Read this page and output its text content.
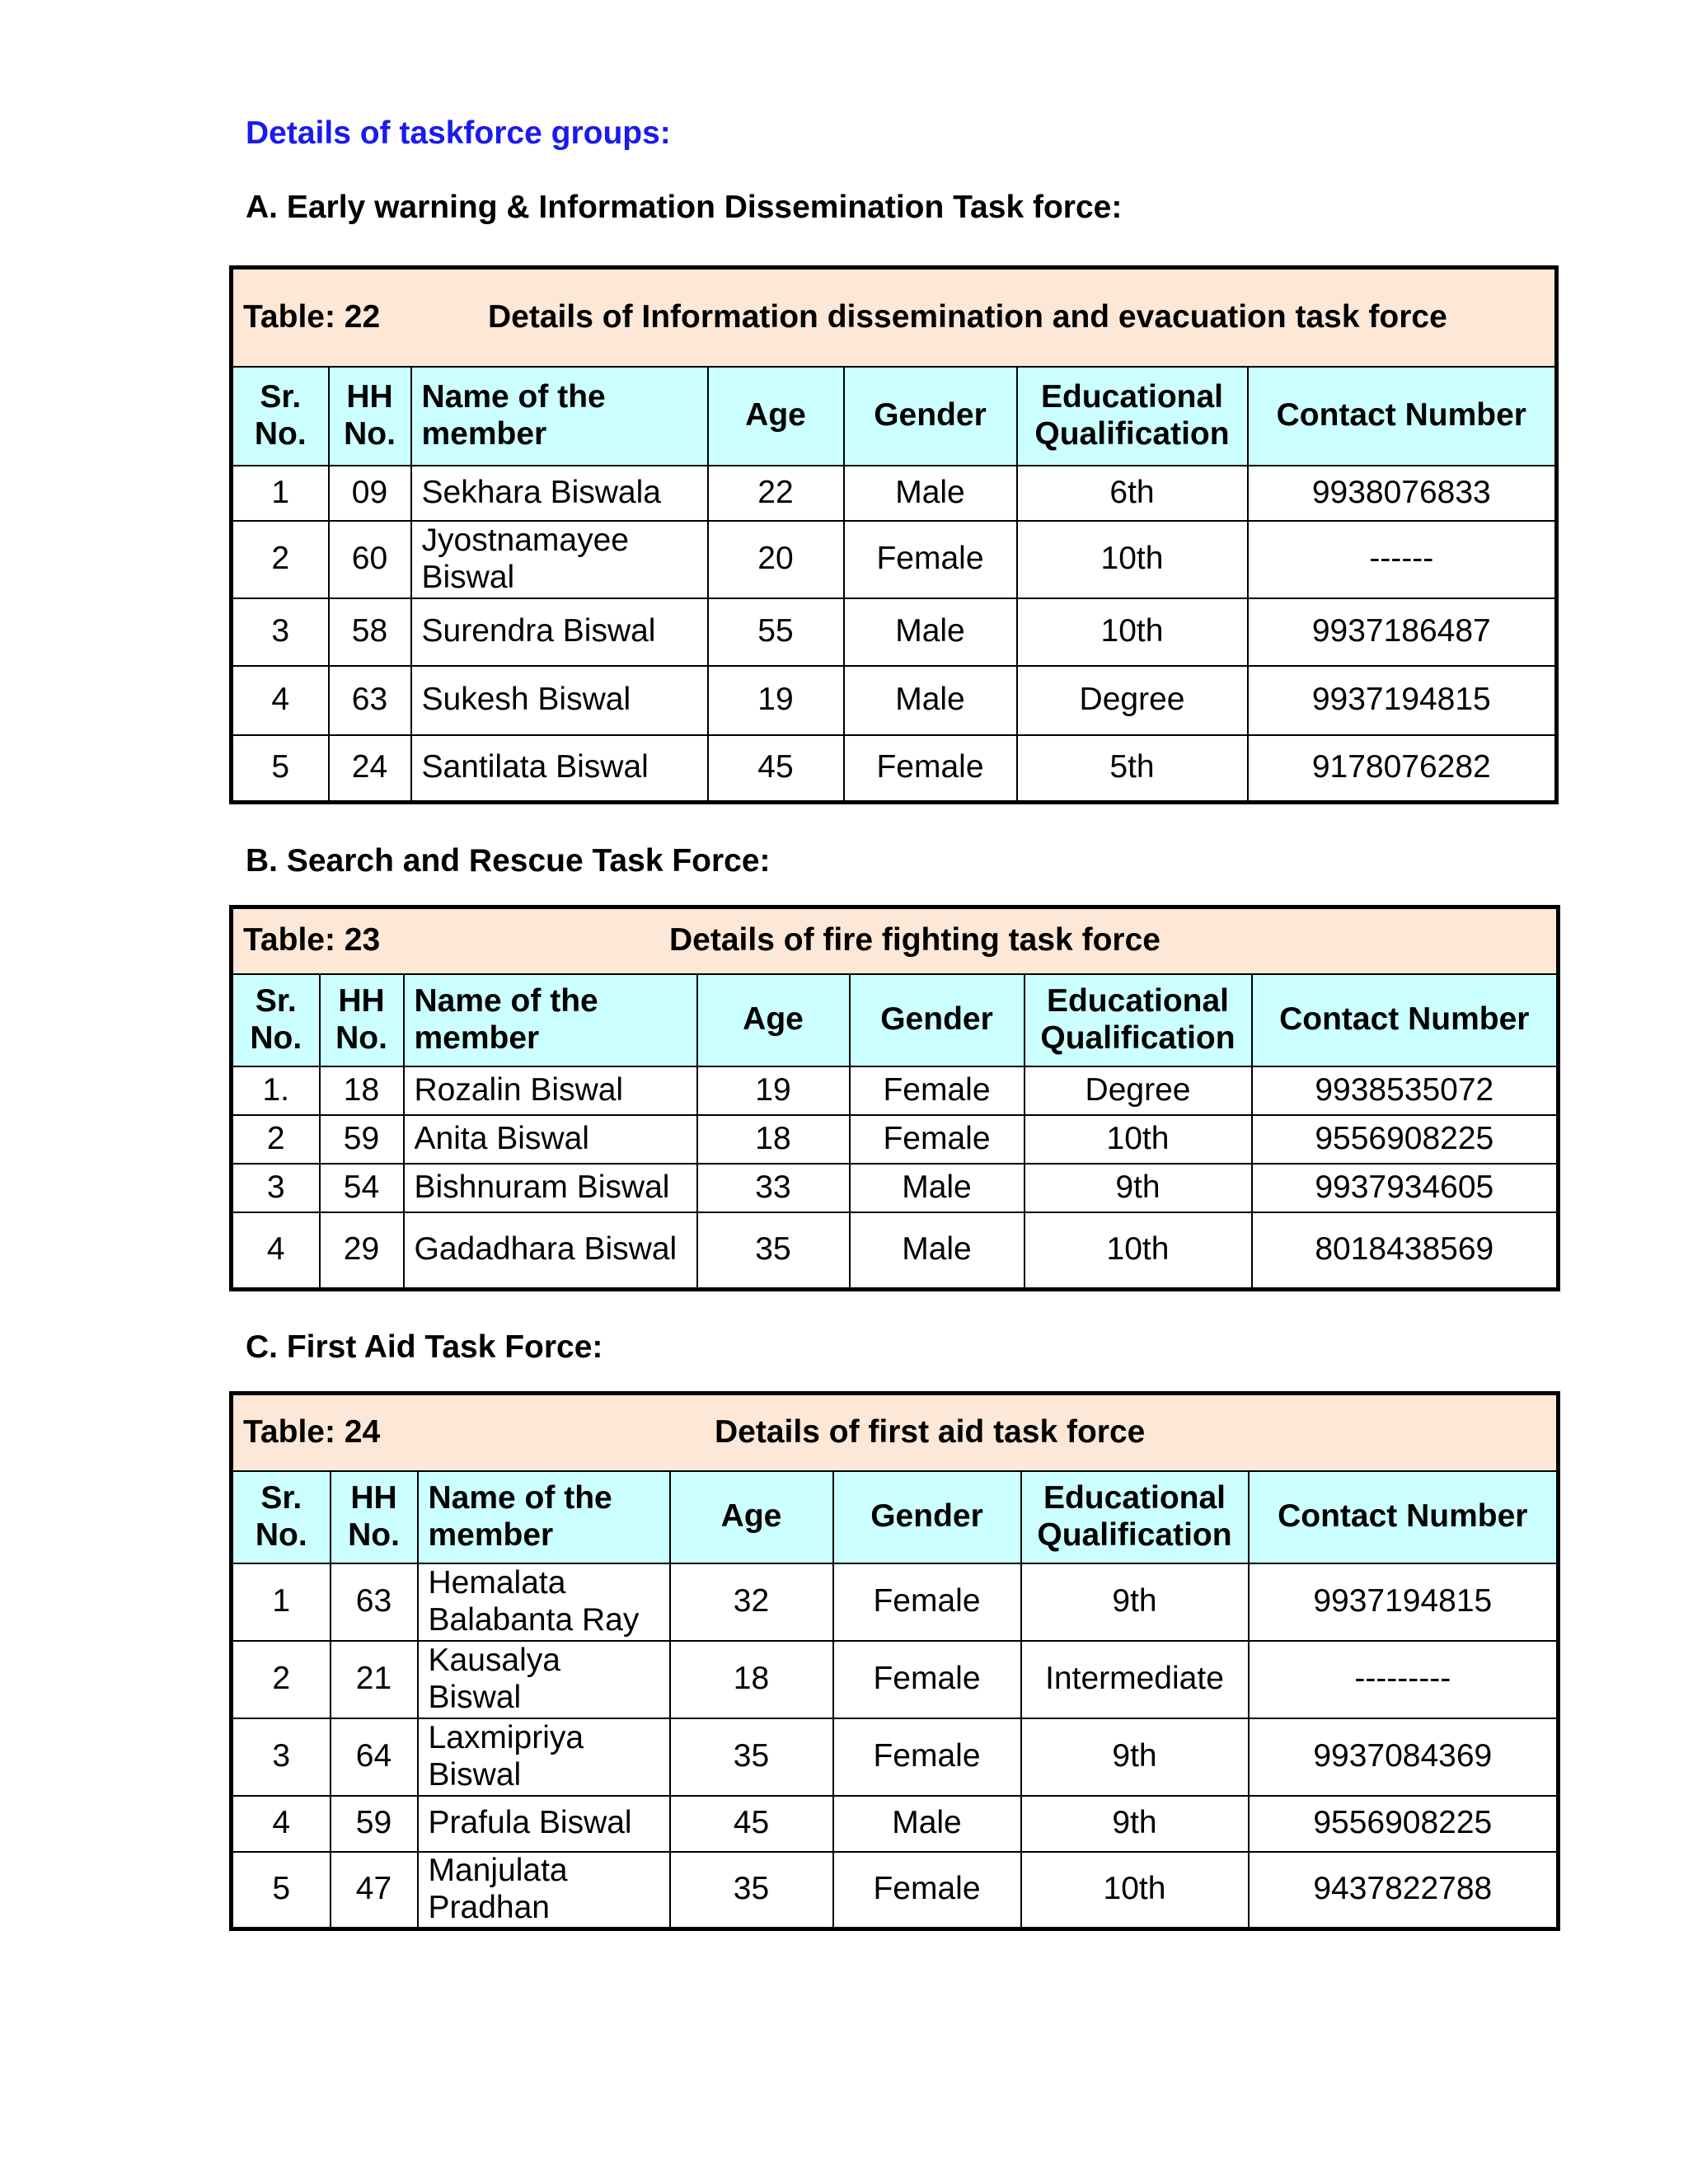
Details of taskforce groups:
A. Early warning & Information Dissemination Task force:
Table: 22 Details of Information dissemination and evacuation task force						
Sr. No.	HH No.	Name of the member	Age	Gender	Educational Qualification	Contact Number
1	09	Sekhara Biswala	22	Male	6th	9938076833
2	60	Jyostnamayee Biswal	20	Female	10th	------
3	58	Surendra Biswal	55	Male	10th	9937186487
4	63	Sukesh Biswal	19	Male	Degree	9937194815
5	24	Santilata Biswal	45	Female	5th	9178076282
B. Search and Rescue Task Force:
Table: 23 Details of fire fighting task force						
Sr. No.	HH No.	Name of the member	Age	Gender	Educational Qualification	Contact Number
1.	18	Rozalin Biswal	19	Female	Degree	9938535072
2	59	Anita Biswal	18	Female	10th	9556908225
3	54	Bishnuram Biswal	33	Male	9th	9937934605
4	29	Gadadhara Biswal	35	Male	10th	8018438569
C. First Aid Task Force:
Table: 24 Details of first aid task force						
Sr. No.	HH No.	Name of the member	Age	Gender	Educational Qualification	Contact Number
1	63	Hemalata Balabanta Ray	32	Female	9th	9937194815
2	21	Kausalya Biswal	18	Female	Intermediate	---------
3	64	Laxmipriya Biswal	35	Female	9th	9937084369
4	59	Prafula Biswal	45	Male	9th	9556908225
5	47	Manjulata Pradhan	35	Female	10th	9437822788
